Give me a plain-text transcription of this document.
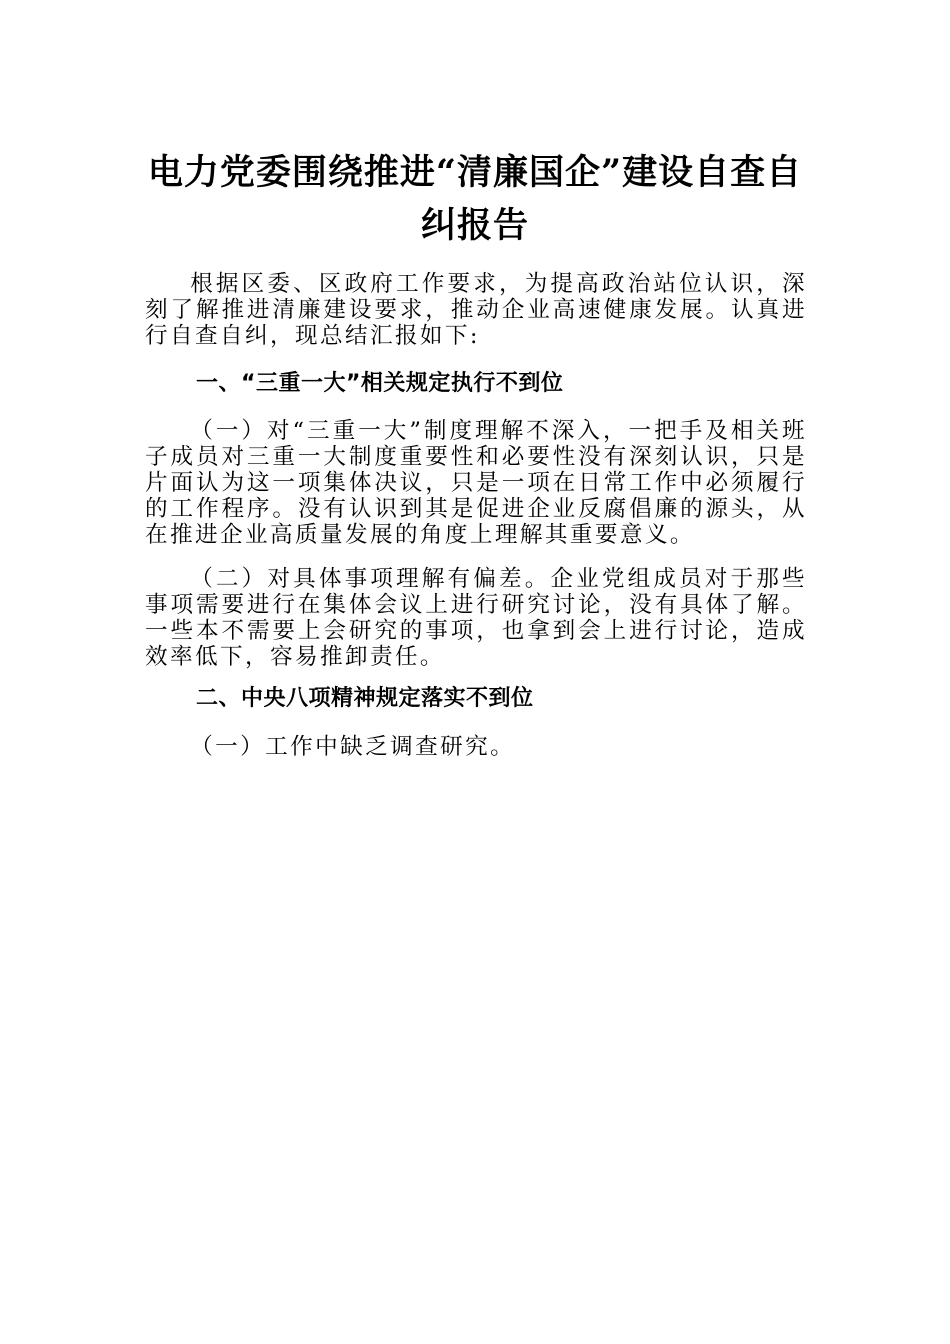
电力党委围绕推进“清廉国企”建设自查自纠报告

根据区委、区政府工作要求，为提高政治站位认识，深刻了解推进清廉建设要求，推动企业高速健康发展。认真进行自查自纠，现总结汇报如下:

一、“三重一大”相关规定执行不到位

（一）对“三重一大”制度理解不深入，一把手及相关班子成员对三重一大制度重要性和必要性没有深刻认识，只是片面认为这一项集体决议，只是一项在日常工作中必须履行的工作程序。没有认识到其是促进企业反腐倡廉的源头，从在推进企业高质量发展的角度上理解其重要意义。

（二）对具体事项理解有偏差。企业党组成员对于那些事项需要进行在集体会议上进行研究讨论，没有具体了解。一些本不需要上会研究的事项，也拿到会上进行讨论，造成效率低下，容易推卸责任。

二、中央八项精神规定落实不到位

（一）工作中缺乏调查研究。
